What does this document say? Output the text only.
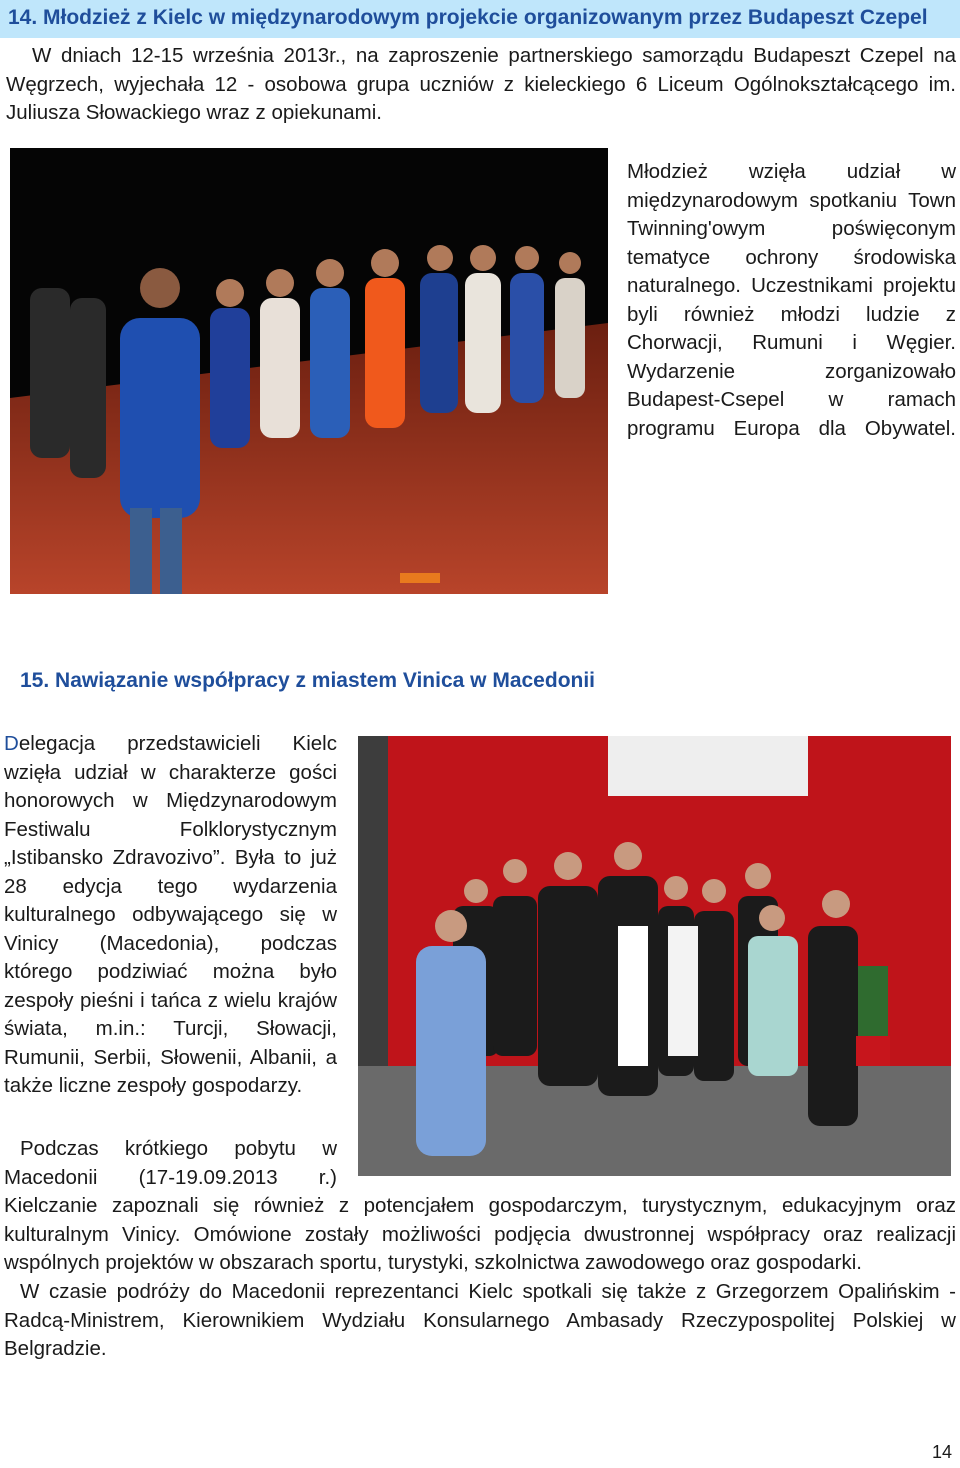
14. Młodzież z Kielc w międzynarodowym projekcie organizowanym przez Budapeszt Czepel
W dniach 12-15 września 2013r., na zaproszenie partnerskiego samorządu Budapeszt Czepel na Węgrzech, wyjechała 12 - osobowa grupa uczniów z kieleckiego 6 Liceum Ogólnokształcącego im. Juliusza Słowackiego wraz z opiekunami.
Młodzież wzięła udział w międzynarodowym spotkaniu Town Twinning'owym poświęconym tematyce ochrony środowiska naturalnego. Uczestnikami projektu byli również młodzi ludzie z Chorwacji, Rumuni i Węgier. Wydarzenie zorganizowało Budapest-Csepel w ramach programu Europa dla Obywatel.
15. Nawiązanie współpracy z miastem Vinica w Macedonii
Delegacja przedstawicieli Kielc wzięła udział w charakterze gości honorowych w Międzynarodowym Festiwalu Folklorystycznym „Istibansko Zdravozivo”. Była to już 28 edycja tego wydarzenia kulturalnego odbywającego się w Vinicy (Macedonia), podczas którego podziwiać można było zespoły pieśni i tańca z wielu krajów świata, m.in.: Turcji, Słowacji, Rumunii, Serbii, Słowenii, Albanii, a także liczne zespoły gospodarzy.
Podczas krótkiego pobytu w Macedonii (17-19.09.2013 r.)
Kielczanie zapoznali się również z potencjałem gospodarczym, turystycznym, edukacyjnym oraz kulturalnym Vinicy. Omówione zostały możliwości podjęcia dwustronnej współpracy oraz realizacji wspólnych projektów w obszarach sportu, turystyki, szkolnictwa zawodowego oraz gospodarki.
W czasie podróży do Macedonii reprezentanci Kielc spotkali się także z Grzegorzem Opalińskim - Radcą-Ministrem, Kierownikiem Wydziału Konsularnego Ambasady Rzeczypospolitej Polskiej w Belgradzie.
14
